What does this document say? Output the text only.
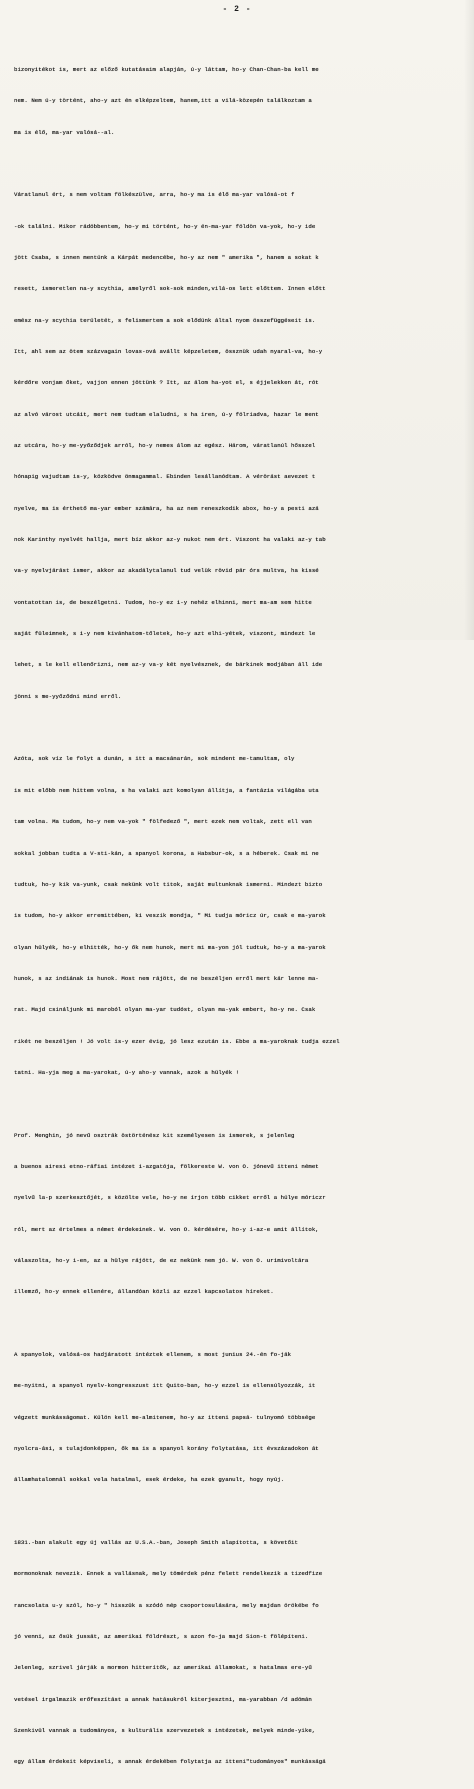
- 2 -

bizonyitékot is, mert az előző kutatásaim alapján, ú-y láttam, ho-y Chan-Chan-ba kell me

nem. Nem ú-y történt, aho-y azt én elképzeltem, hanem,itt a vilá-közepén találkoztam a

ma is élő, ma-yar valósá--al.

Váratlanul ért, s nem voltam fölkészülve, arra, ho-y ma is élő ma-yar valósá-ot f

-ok találni. Mikor rádöbbentem, ho-y mi történt, ho-y én-ma-yar földön va-yok, ho-y ide

jött Csaba, s innen mentünk a Kárpát medencébe, ho-y az nem " amerika ", hanem a sokat k

resett, ismeretlen na-y scythia, amelyről sok-sok minden,vilá-os lett előttem. Innen előtt

emész na-y scythia területét, s felismertem a sok elődünk által nyom összefüggéseit is.

Itt, ahl sem az ötem százvagain lovas-ová avállt képzeletem, össznük udah nyaral-va, ho-y

kérdőre vonjam őket, vajjon ennen jöttünk ? Itt, az álom ha-yot el, s éjjelekken át, rót

az alvó várost utcáit, mert nem tudtam elaludni, s ha iren, ú-y fölriadva, hazar le ment

az utcára, ho-y me-yyőződjek arról, ho-y nemes álom az egész. Három, váratlanúl hősszel

hónapig vajudtam is-y, közködve önmagammal. Ebinden lesállanódtam. A vérörást aevezet t

nyelve, ma is érthető ma-yar ember számára, ha az nem reneszkodik abox, ho-y a pesti azá

nok Karinthy nyelvét hallja, mert bíz akkor az-y nukot nem ért. Viszont ha valaki az-y tab

va-y nyelvjárást ismer, akkor az akadálytalanul tud velük rövid pár órs multva, ha kissé

vontatottan is, de beszélgetni. Tudom, ho-y ez i-y nehéz elhinni, mert ma-am sem hitte

saját füleimnek, s i-y nem kivánhatom-tőletek, ho-y azt elhi-yétek, viszont, mindezt le

lehet, s le kell ellenőrizni, nem az-y va-y két nyelvésznek, de bárkinek modjában áll ide

jönni s me-yyőződni mind erről.

Azóta, sok víz le folyt a dunán, s itt a macsánarán, sok mindent me-tamultam, oly

is mit előbb nem hittem volna, s ha valaki azt komolyan állítja, a fantázia világába uta

tam volna. Ma tudom, ho-y nem va-yok " fölfedező ", mert ezek nem voltak, zett ell van

sokkal jobban tudta a V-sti-kán, a spanyol korona, a Habsbur-ok, s a héberek. Csak mi ne

tudtuk, ho-y kik va-yunk, csak nekünk volt titok, saját multunknak ismerni. Mindezt bizto

is tudom, ho-y akkor erremittében, ki veszik mondja, " Mi tudja móricz úr, csak e ma-yarok

olyan hülyék, ho-y elhitték, ho-y ők nem hunok, mert mi ma-yon jól tudtuk, ho-y a ma-yarok

hunok, s az indiának is hunok. Most nem rájött, de ne beszéljen erről mert kár lenne ma-

rat. Majd csináljunk mi maroból olyan ma-yar tudóst, olyan ma-yak embert, ho-y ne. Csak

rikét ne beszéljen ! Jó volt is-y ezer évig, jó lesz ezután is. Ebbe a ma-yaroknak tudja ezzel

tatni. Ha-yja meg a ma-yarokat, ú-y aho-y vannak, azok a hülyék !

Prof. Menghin, jó nevű osztrák östörténész kit személyesen is ismerek, s jelenleg

a buenos airesi etno-ráfiai intézet i-azgatója, fölkereste W. von O. jónevű itteni német

nyelvű la-p szerkesztőjét, s közölte vele, ho-y ne írjon több cikket erről a hülye móriczr

ról, mert az értelmes a német érdekeinek. W. von O. kérdésére, ho-y i-az-e amit állítok,

válaszolta, ho-y i-en, az a hülye rájött, de ez nekünk nem jó. W. von O. urimivoltára

illemző, ho-y ennek ellenére, állandóan közli az ezzel kapcsolatos híreket.

A spanyolok, valósá-os hadjáratott intéztek ellenem, s most junius 24.-én fo-ják

me-nyitni, a spanyol nyelv-kongresszust itt Quito-ban, ho-y ezzel is ellensúlyozzák, it

végzett munkásságomat. Külön kell me-almitenem, ho-y az itteni papsá- tulnyomó többsége

nyolcra-ási, s tulajdonképpen, ők ma is a spanyol korány folytatása, itt évszázadokon át

államhatalomnál sokkal vela hatalmal, esek érdeke, ha ezek gyanult, hogy nyúj.

1831.-ban alakult egy új vallás az U.S.A.-ban, Joseph Smith alapította, s követőit

mormonoknak nevezik. Ennek a vallásnak, mely tömérdek pénz felett rendelkezik a tizedfize

rancsolata u-y szól, ho-y " hisszük a szódó nép csoportosulására, mely majdan örökébe fo

jó venni, az ősük jussát, az amerikai földrészt, s azon fo-ja majd Sion-t fölépíteni.

Jelenleg, szrivel járják a mormon hitterítők, az amerikai államokat, s hatalmas ere-yű

vetésel irgalmazik erőfeszítást a annak hatásukról kiterjesztni, ma-yarabban /d adómán

Szenkivül vannak a tudományos, s kulturális szervezetek s intézetek, melyek minde-yike,

egy állam érdekeit képviseli, s annak érdekében folytatja az itteni"tudományos" munkásságá
